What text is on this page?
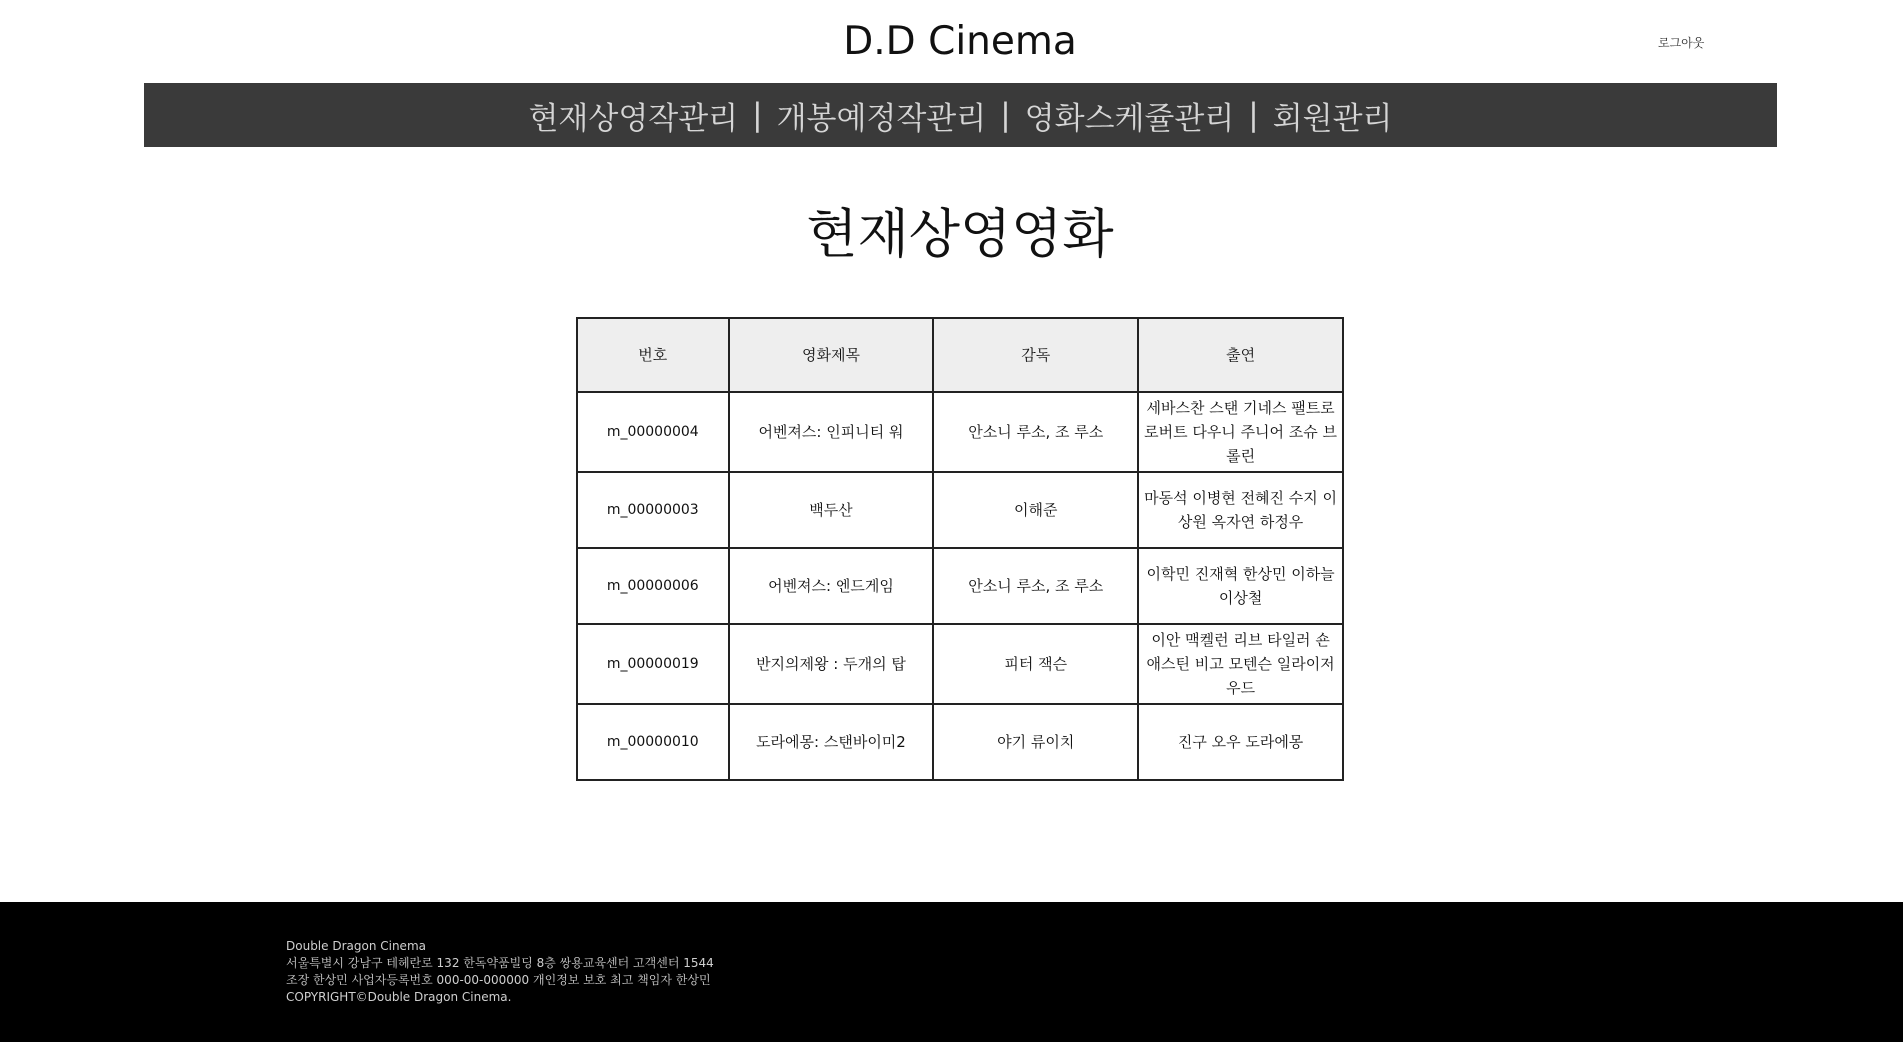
D.D Cinema	로그아웃
현재상영작관리 | 개봉예정작관리 | 영화스케쥴관리 | 회원관리
현재상영영화
번호	영화제목	감독	출연
m_00000004	어벤져스: 인피니티 워	안소니 루소, 조 루소	세바스찬 스탠 기네스 팰트로 로버트 다우니 주니어 조슈 브롤린
m_00000003	백두산	이해준	마동석 이병현 전혜진 수지 이상원 옥자연 하정우
m_00000006	어벤져스: 엔드게임	안소니 루소, 조 루소	이학민 진재혁 한상민 이하늘 이상철
m_00000019	반지의제왕 : 두개의 탑	피터 잭슨	이안 맥켈런 리브 타일러 숀 애스틴 비고 모텐슨 일라이저 우드
m_00000010	도라에몽: 스탠바이미2	야기 류이치	진구 오우 도라에몽
Double Dragon Cinema
서울특별시 강남구 테헤란로 132 한독약품빌딩 8층 쌍용교육센터 고객센터 1544
조장 한상민 사업자등록번호 000-00-000000 개인정보 보호 최고 책임자 한상민
COPYRIGHT©Double Dragon Cinema.
